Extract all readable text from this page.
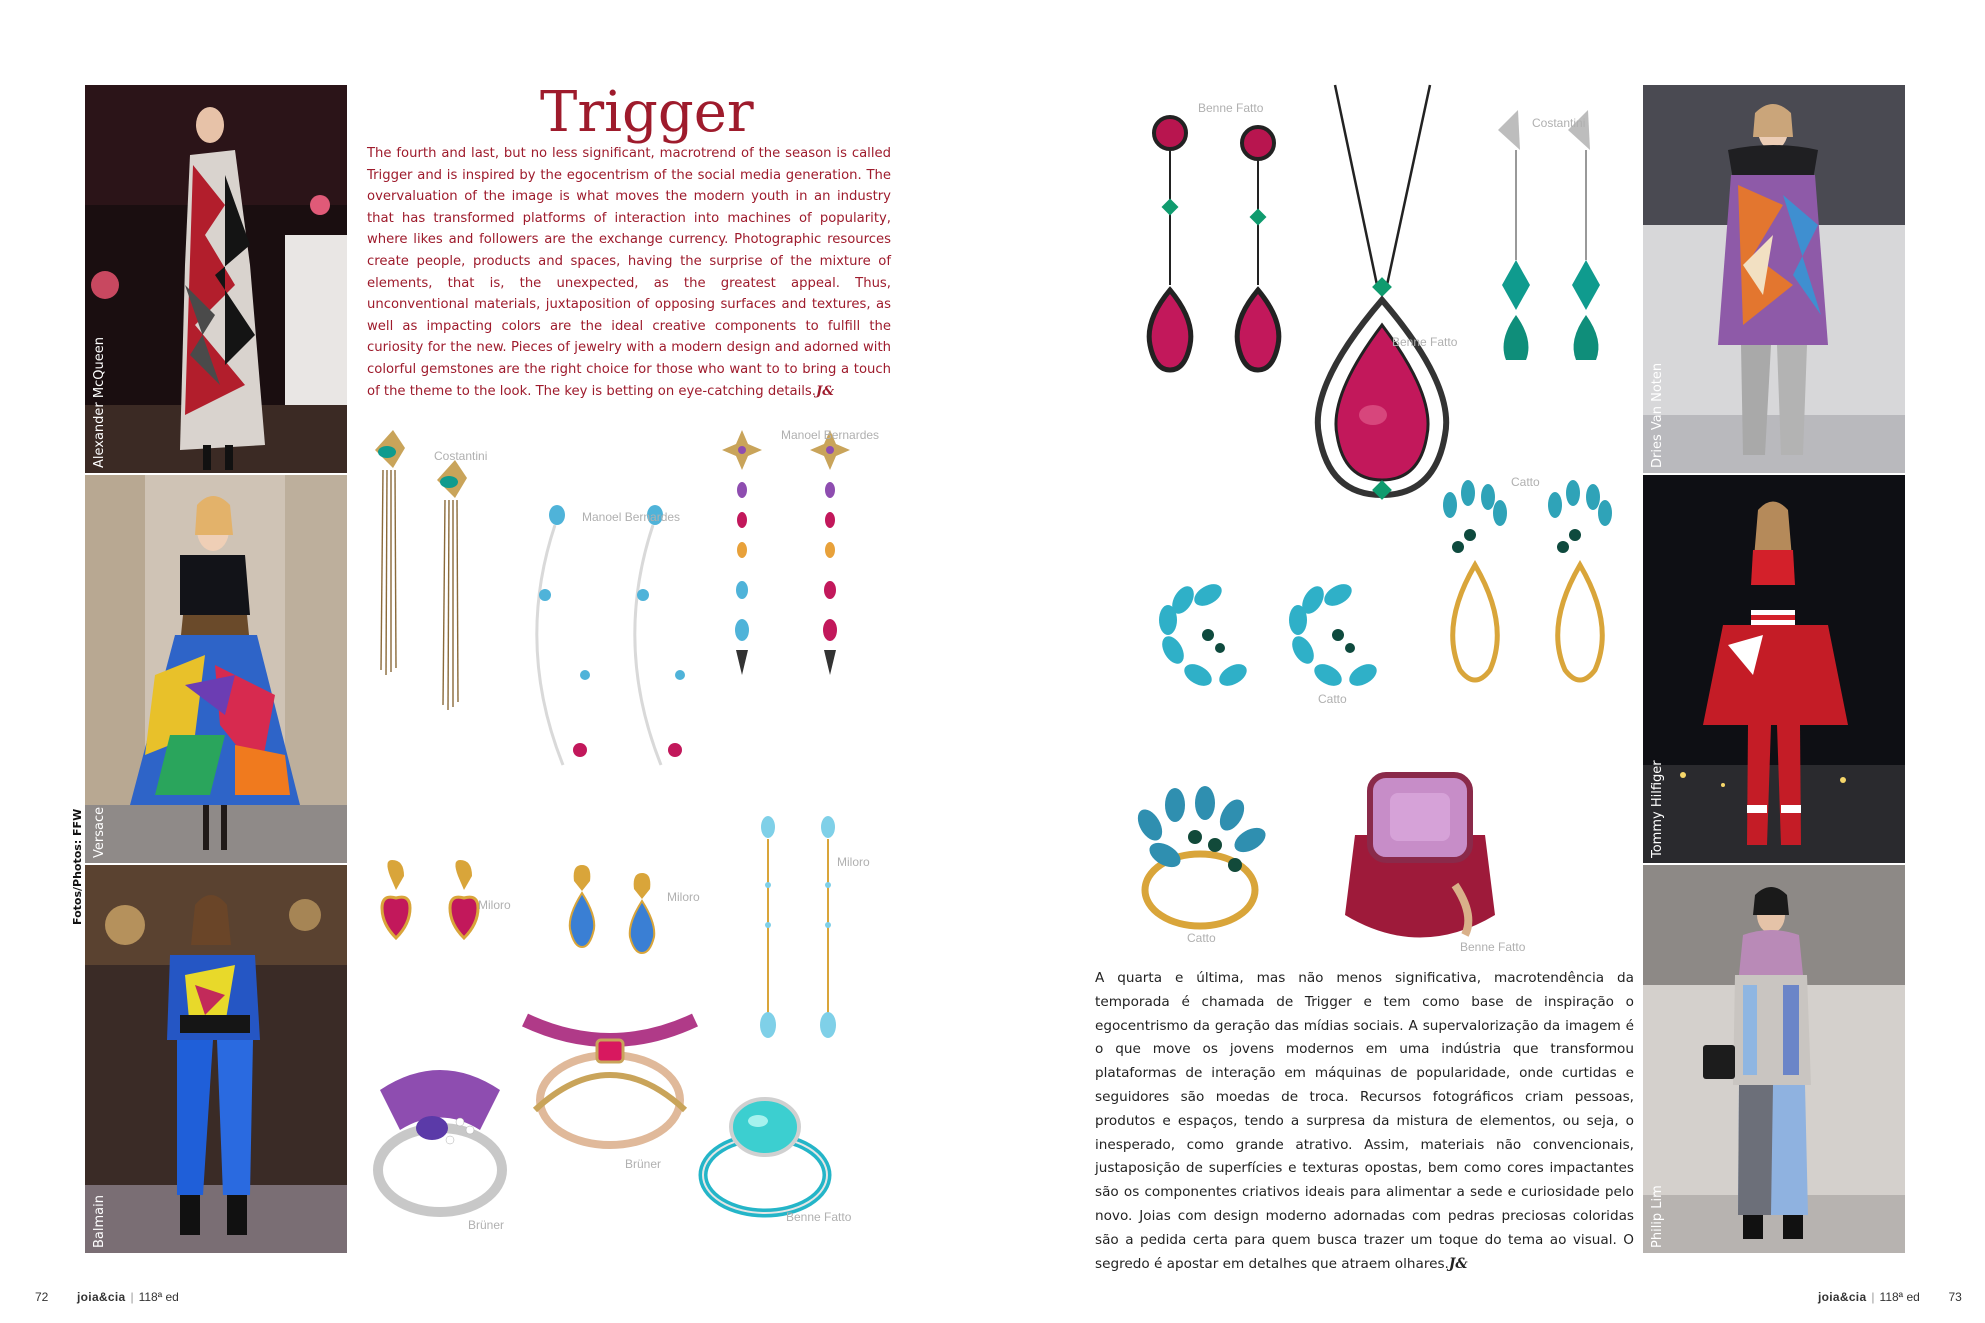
Alexander McQueen
Versace
Balmain
Fotos/Photos: FFW
Trigger
The fourth and last, but no less significant, macrotrend of the season is called Trigger and is inspired by the egocentrism of the social media generation. The overvaluation of the image is what moves the modern youth in an industry that has transformed platforms of interaction into machines of popularity, where likes and followers are the exchange currency. Photographic resources create people, products and spaces, having the surprise of the mixture of elements, that is, the unexpected, as the greatest appeal. Thus, unconventional materials, juxtaposition of opposing surfaces and textures, as well as impacting colors are the ideal creative components to fulfill the curiosity for the new. Pieces of jewelry with a modern design and adorned with colorful gemstones are the right choice for those who want to to bring a touch of the theme to the look. The key is betting on eye-catching details.J&
Costantini
Manoel Bernardes
Manoel Bernardes
Miloro
Miloro
Miloro
Brüner
Brüner
Benne Fatto
Benne Fatto
Benne Fatto
Costantini
Catto
Catto
Catto
Benne Fatto
A quarta e última, mas não menos significativa, macrotendência da temporada é chamada de Trigger e tem como base de inspiração o egocentrismo da geração das mídias sociais. A supervalorização da imagem é o que move os jovens modernos em uma indústria que transformou plataformas de interação em máquinas de popularidade, onde curtidas e seguidores são moedas de troca. Recursos fotográficos criam pessoas, produtos e espaços, tendo a surpresa da mistura de elementos, ou seja, o inesperado, como grande atrativo. Assim, materiais não convencionais, justaposição de superfícies e texturas opostas, bem como cores impactantes são os componentes criativos ideais para alimentar a sede e curiosidade pelo novo. Joias com design moderno adornadas com pedras preciosas coloridas são a pedida certa para quem busca trazer um toque do tema ao visual. O segredo é apostar em detalhes que atraem olhares.J&
Dries Van Noten
Tommy Hilfiger
Philip Lim
72 joia&cia | 118ª ed	joia&cia | 118ª ed 73
